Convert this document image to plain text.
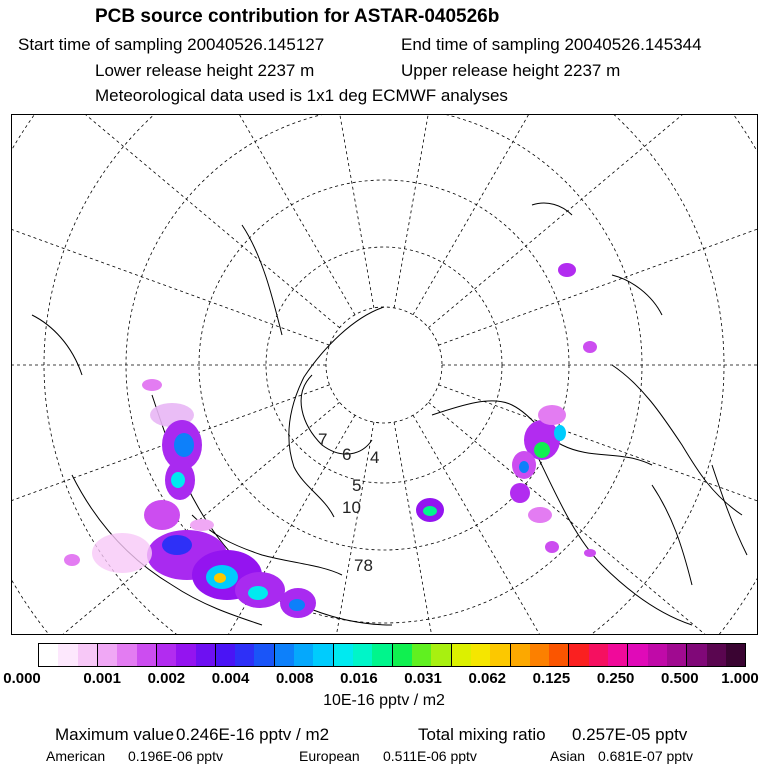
PCB source contribution for ASTAR-040526b
Start time of sampling 20040526.145127	End time of sampling 20040526.145344
Lower release height 2237 m	Upper release height 2237 m
Meteorological data used is 1x1 deg ECMWF analyses
7
6 4
5
10
78
0.000	0.001 0.002 0.004 0.008 0.016 0.031 0.062 0.125 0.250 0.500 1.000
10E-16 pptv / m2
Maximum value 0.246E-16 pptv / m2	Total mixing ratio 0.257E-05 pptv
American 0.196E-06 pptv	European 0.511E-06 pptv	Asian 0.681E-07 pptv
